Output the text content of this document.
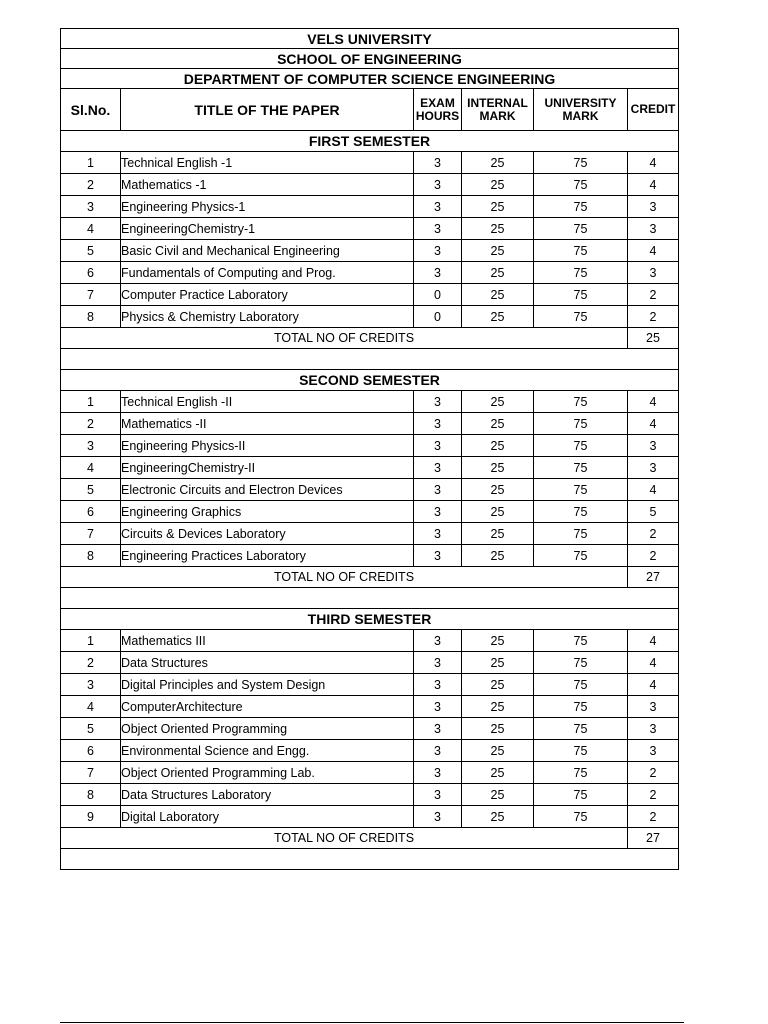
VELS UNIVERSITY					
SCHOOL OF ENGINEERING					
DEPARTMENT OF COMPUTER SCIENCE ENGINEERING					
Sl.No.	TITLE OF THE PAPER	EXAM HOURS	INTERNAL MARK	UNIVERSITY MARK	CREDIT
FIRST SEMESTER					
1	Technical English -1	3	25	75	4
2	Mathematics -1	3	25	75	4
3	Engineering Physics-1	3	25	75	3
4	EngineeringChemistry-1	3	25	75	3
5	Basic Civil and Mechanical Engineering	3	25	75	4
6	Fundamentals of Computing and Prog.	3	25	75	3
7	Computer Practice Laboratory	0	25	75	2
8	Physics & Chemistry Laboratory	0	25	75	2
TOTAL NO OF CREDITS					25

SECOND SEMESTER					
1	Technical English -II	3	25	75	4
2	Mathematics -II	3	25	75	4
3	Engineering Physics-II	3	25	75	3
4	EngineeringChemistry-II	3	25	75	3
5	Electronic Circuits and Electron Devices	3	25	75	4
6	Engineering Graphics	3	25	75	5
7	Circuits & Devices Laboratory	3	25	75	2
8	Engineering Practices Laboratory	3	25	75	2
TOTAL NO OF CREDITS					27

THIRD SEMESTER					
1	Mathematics III	3	25	75	4
2	Data Structures	3	25	75	4
3	Digital Principles and System Design	3	25	75	4
4	ComputerArchitecture	3	25	75	3
5	Object Oriented Programming	3	25	75	3
6	Environmental Science and Engg.	3	25	75	3
7	Object Oriented Programming Lab.	3	25	75	2
8	Data Structures Laboratory	3	25	75	2
9	Digital Laboratory	3	25	75	2
TOTAL NO OF CREDITS					27
